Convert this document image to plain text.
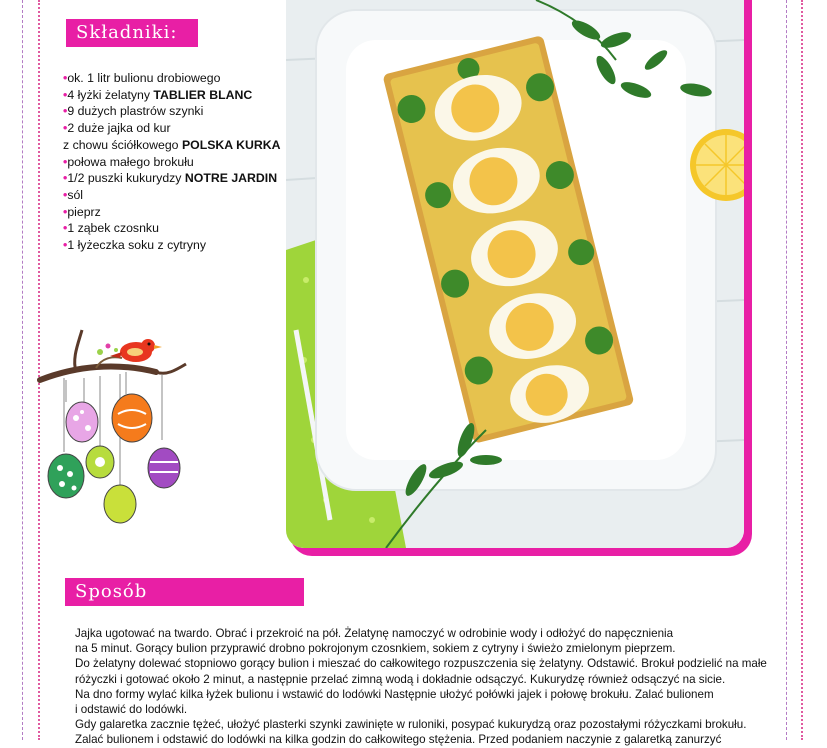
Składniki:
•ok. 1 litr bulionu drobiowego
•4 łyżki żelatyny TABLIER BLANC
•9 dużych plastrów szynki
•2 duże jajka od kur
z chowu ściółkowego POLSKA KURKA
•połowa małego brokułu
•1/2 puszki kukurydzy NOTRE JARDIN
•sól
•pieprz
•1 ząbek czosnku
•1 łyżeczka soku z cytryny
Sposób przygotowania:
Jajka ugotować na twardo. Obrać i przekroić na pół. Żelatynę namoczyć w odrobinie wody i odłożyć do napęcznienia
na 5 minut. Gorący bulion przyprawić drobno pokrojonym czosnkiem, sokiem z cytryny i świeżo zmielonym pieprzem.
Do żelatyny dolewać stopniowo gorący bulion i mieszać do całkowitego rozpuszczenia się żelatyny. Odstawić. Brokuł podzielić na małe
różyczki i gotować około 2 minut, a następnie przelać zimną wodą i dokładnie odsączyć. Kukurydzę również odsączyć na sicie.
Na dno formy wylać kilka łyżek bulionu i wstawić do lodówki Następnie ułożyć połówki jajek i połowę brokułu. Zalać bulionem
i odstawić do lodówki.
Gdy galaretka zacznie tężeć, ułożyć plasterki szynki zawinięte w ruloniki, posypać kukurydzą oraz pozostałymi różyczkami brokułu.
Zalać bulionem i odstawić do lodówki na kilka godzin do całkowitego stężenia. Przed podaniem naczynie z galaretką zanurzyć
